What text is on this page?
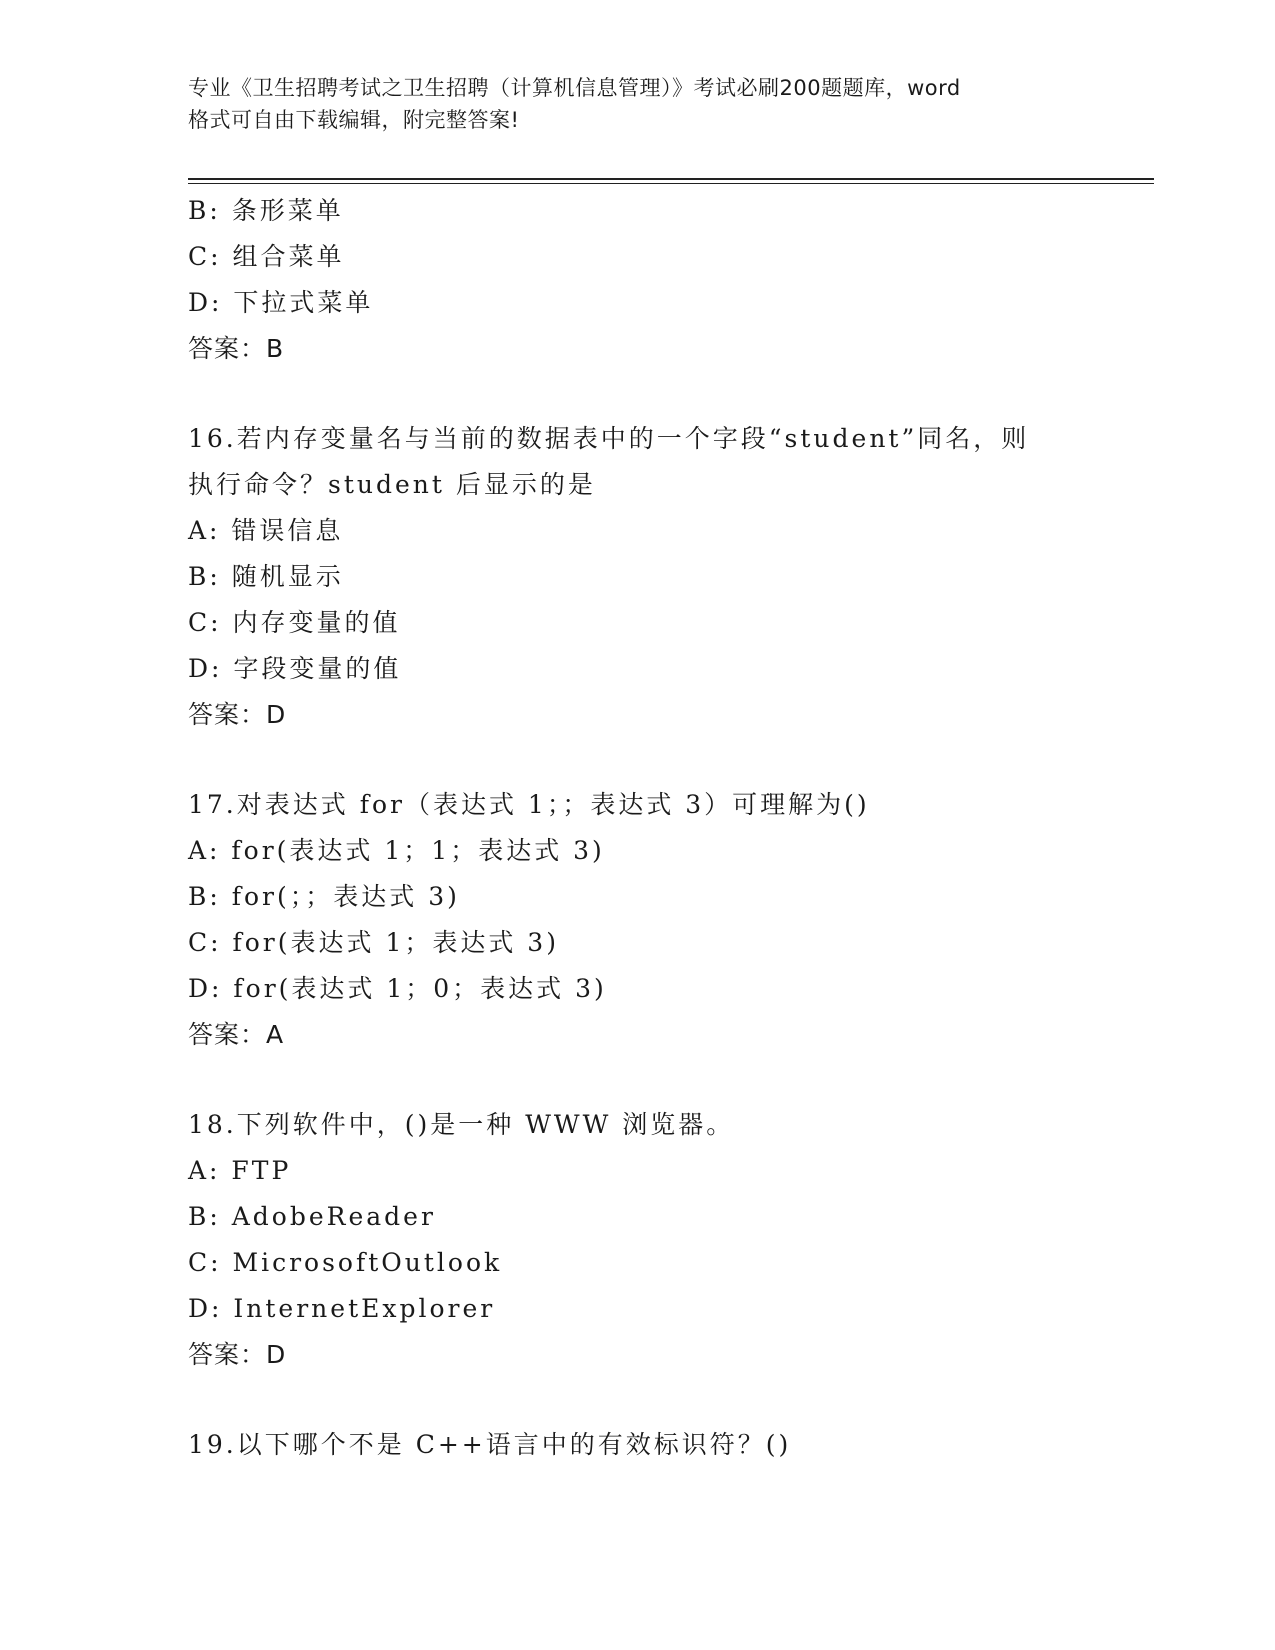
专业《卫生招聘考试之卫生招聘（计算机信息管理）》考试必刷200题题库，word
格式可自由下载编辑，附完整答案!
B: 条形菜单
C: 组合菜单
D: 下拉式菜单
答案：B
16.若内存变量名与当前的数据表中的一个字段“student”同名，则
执行命令？student 后显示的是
A: 错误信息
B: 随机显示
C: 内存变量的值
D: 字段变量的值
答案：D
17.对表达式 for（表达式 1；；表达式 3）可理解为()
A: for(表达式 1；1；表达式 3)
B: for(；；表达式 3)
C: for(表达式 1；表达式 3)
D: for(表达式 1；0；表达式 3)
答案：A
18.下列软件中，()是一种 WWW 浏览器。
A: FTP
B: AdobeReader
C: MicrosoftOutlook
D: InternetExplorer
答案：D
19.以下哪个不是 C++语言中的有效标识符？()
